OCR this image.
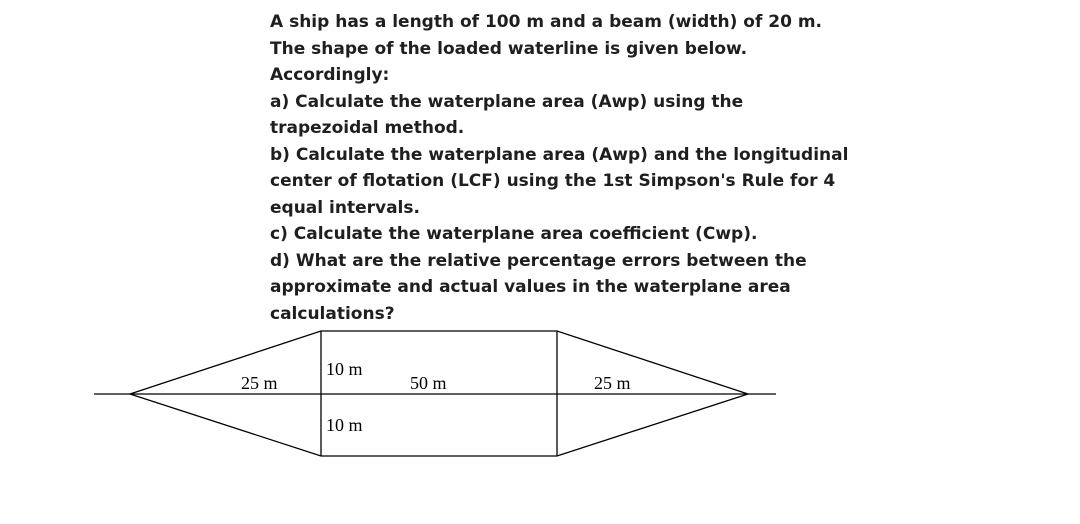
A ship has a length of 100 m and a beam (width) of 20 m.
The shape of the loaded waterline is given below.
Accordingly:
a) Calculate the waterplane area (Awp) using the
trapezoidal method.
b) Calculate the waterplane area (Awp) and the longitudinal
center of flotation (LCF) using the 1st Simpson's Rule for 4
equal intervals.
c) Calculate the waterplane area coefficient (Cwp).
d) What are the relative percentage errors between the
approximate and actual values in the waterplane area
calculations?
25 m	50 m	25 m
10 m
10 m
